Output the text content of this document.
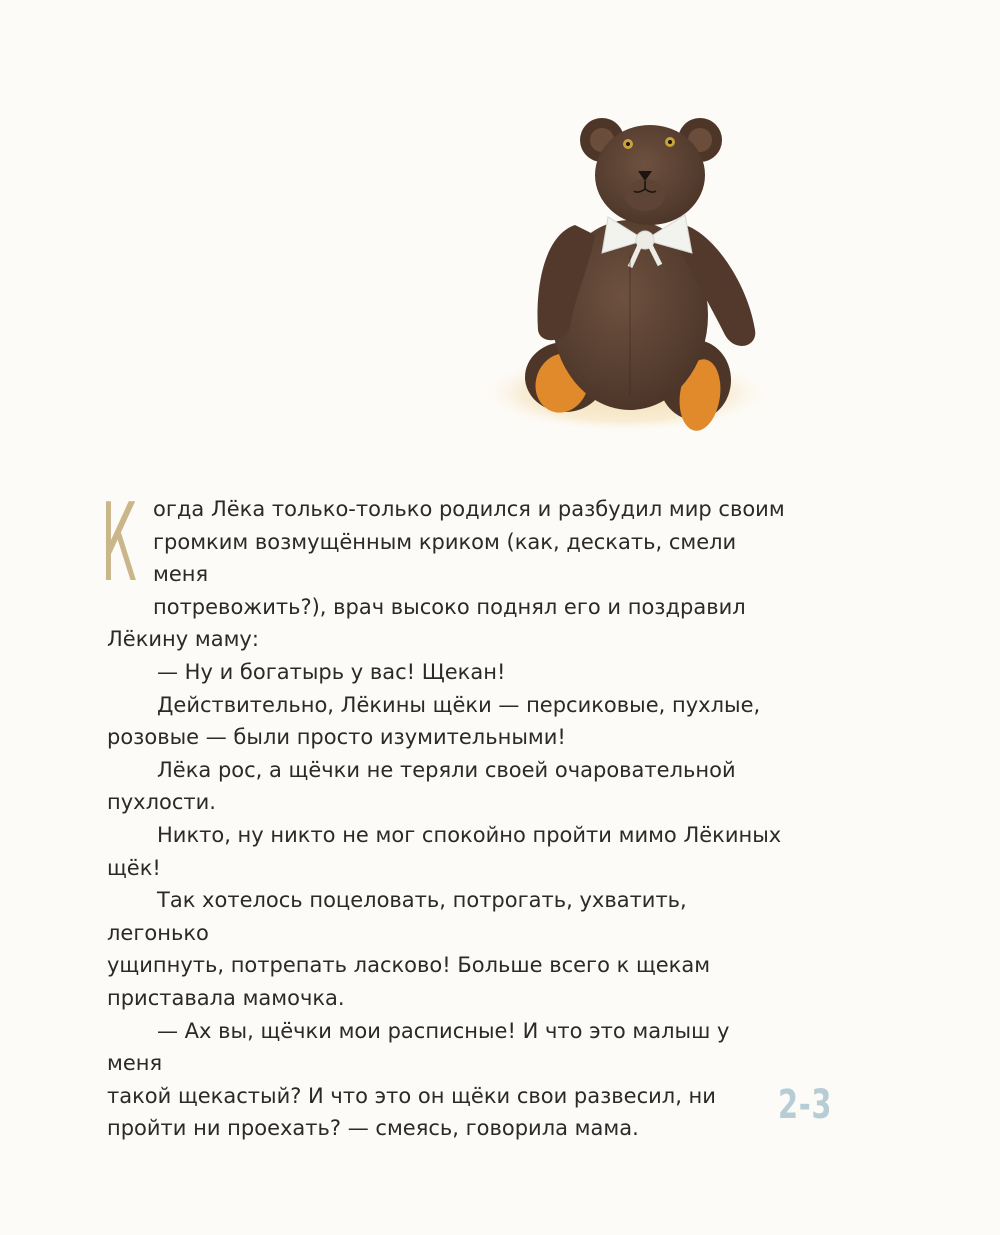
К огда Лёка только-только родился и разбудил мир своим
громким возмущённым криком (как, дескать, смели меня
потревожить?), врач высоко поднял его и поздравил
Лёкину маму:

— Ну и богатырь у вас! Щекан!

Действительно, Лёкины щёки — персиковые, пухлые,
розовые — были просто изумительными!

Лёка рос, а щёчки не теряли своей очаровательной
пухлости.

Никто, ну никто не мог спокойно пройти мимо Лёкиных
щёк!

Так хотелось поцеловать, потрогать, ухватить, легонько
ущипнуть, потрепать ласково! Больше всего к щекам
приставала мамочка.

— Ах вы, щёчки мои расписные! И что это малыш у меня
такой щекастый? И что это он щёки свои развесил, ни
пройти ни проехать? — смеясь, говорила мама.

2-3
